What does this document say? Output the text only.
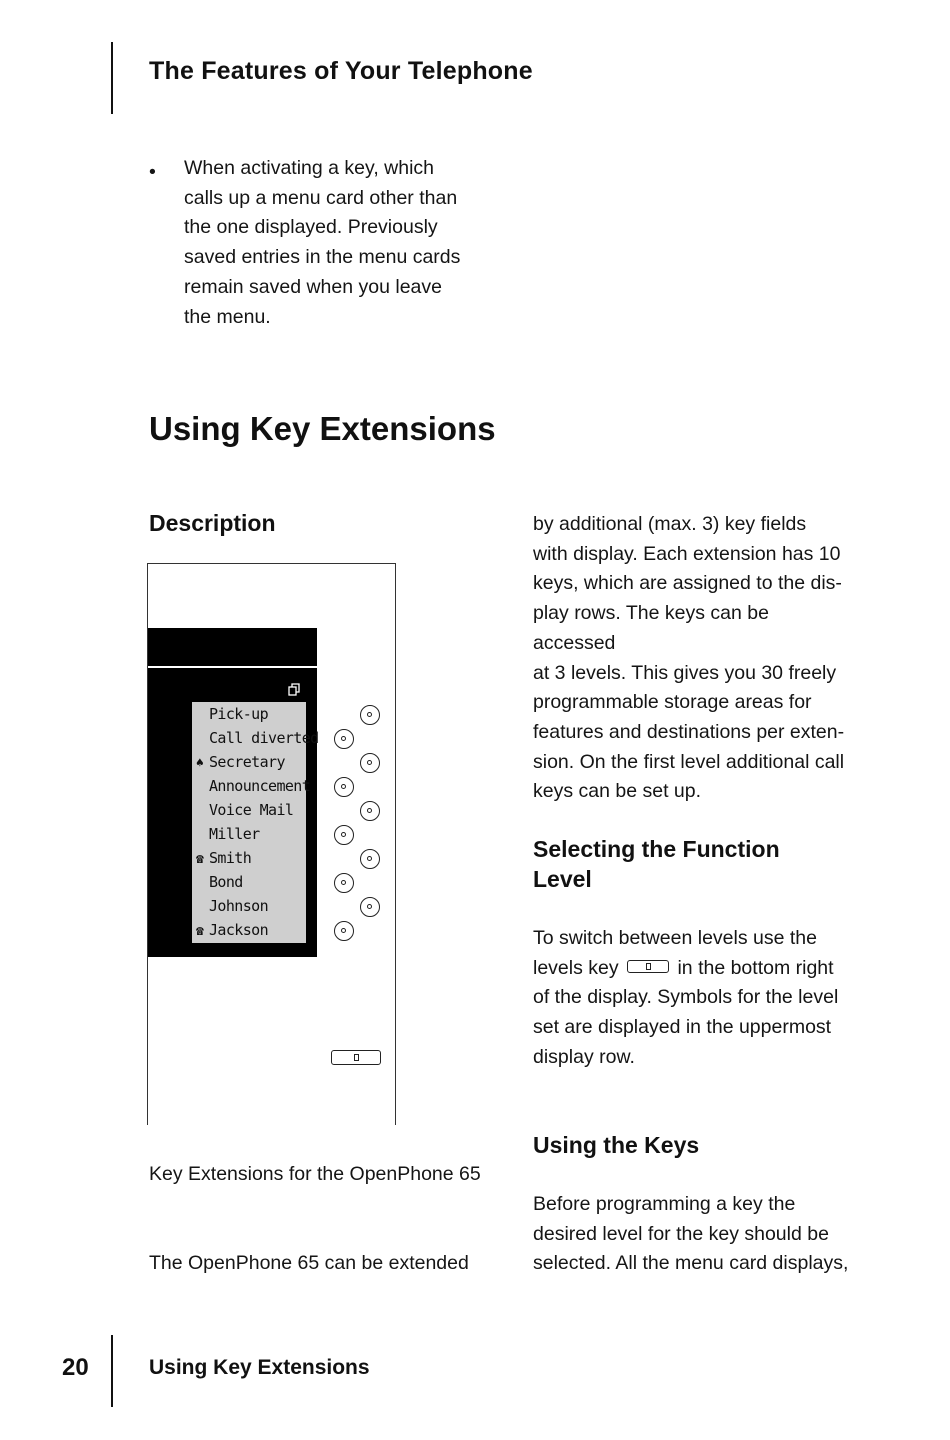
The Features of Your Telephone
• When activating a key, which
calls up a menu card other than
the one displayed. Previously
saved entries in the menu cards
remain saved when you leave
the menu.
Using Key Extensions
Description	by additional (max. 3) key fields
with display. Each extension has 10
keys, which are assigned to the dis-
play rows. The keys can be accessed
at 3 levels. This gives you 30 freely
programmable storage areas for
features and destinations per exten-
sion. On the first level additional call
keys can be set up.
Selecting the Function
Level
To switch between levels use the
levels key	in the bottom right
of the display. Symbols for the level
set are displayed in the uppermost
display row.
Using the Keys
Before programming a key the
desired level for the key should be
selected. All the menu card displays,
Pick-up
Call diverted
♠ Secretary
Announcement
Voice Mail
Miller
☎ Smith
Bond
Johnson
☎ Jackson
Key Extensions for the OpenPhone 65
The OpenPhone 65 can be extended
20	Using Key Extensions
